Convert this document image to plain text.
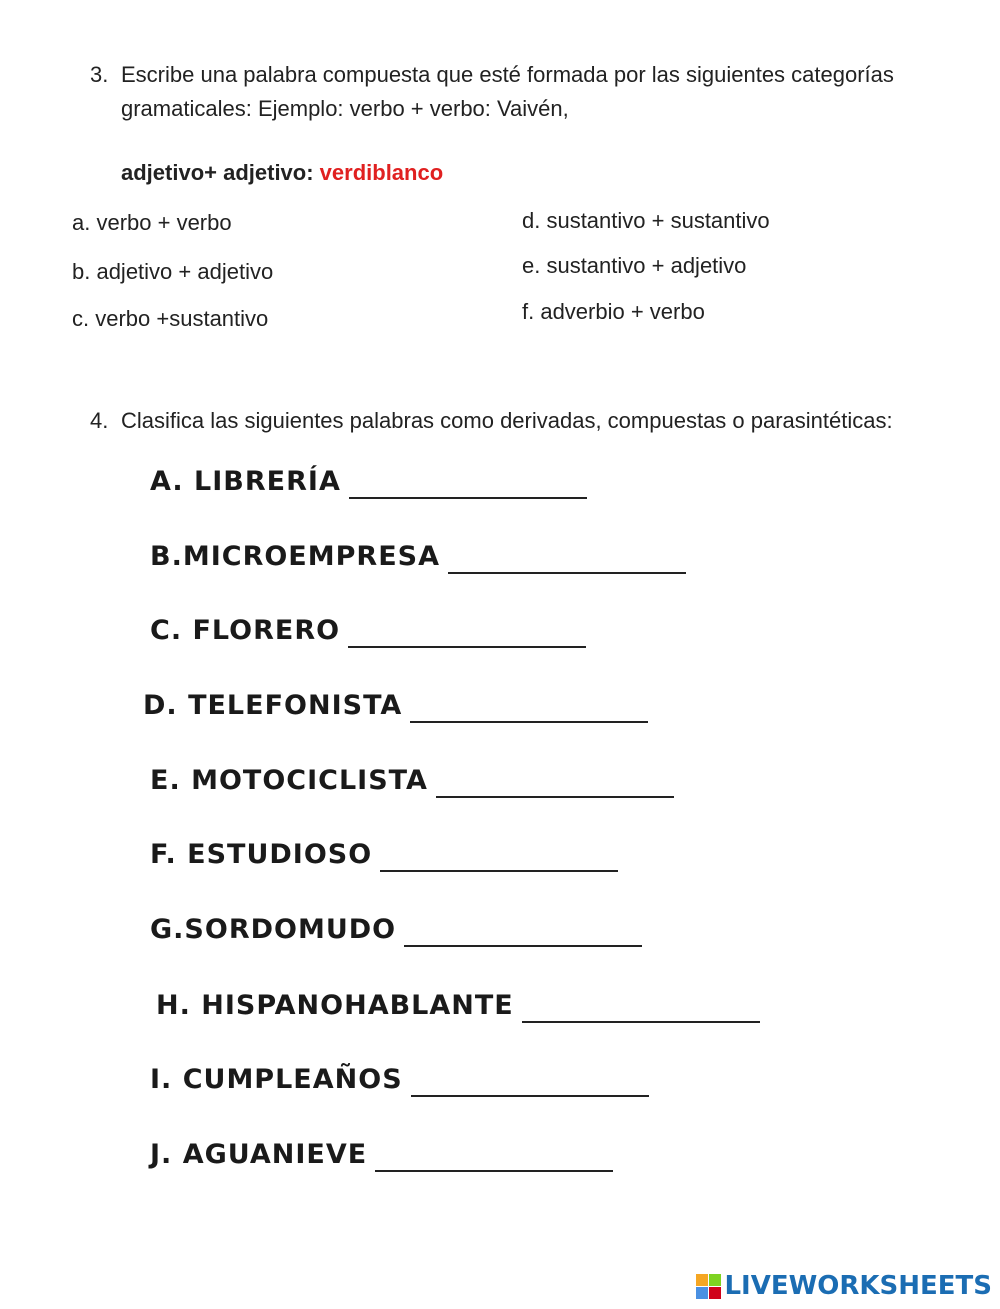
3. Escribe una palabra compuesta que esté formada por las siguientes categorías gramaticales: Ejemplo: verbo + verbo: Vaivén,
adjetivo+ adjetivo: verdiblanco
a. verbo + verbo
b. adjetivo + adjetivo
c. verbo +sustantivo
d. sustantivo + sustantivo
e. sustantivo + adjetivo
f. adverbio + verbo
4. Clasifica las siguientes palabras como derivadas, compuestas o parasintéticas:
A. LIBRERÍA
B.MICROEMPRESA
C. FLORERO
D. TELEFONISTA
E. MOTOCICLISTA
F. ESTUDIOSO
G.SORDOMUDO
H. HISPANOHABLANTE
I. CUMPLEAÑOS
J. AGUANIEVE
LIVEWORKSHEETS
